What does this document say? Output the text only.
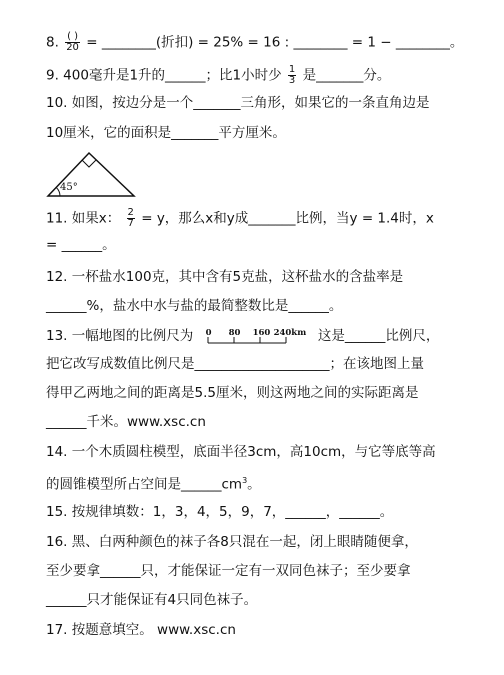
8. $\frac{( )}{20}$ = ________(折扣) = 25% = 16 : ________ = 1 − ________。
9. 400毫升是1升的______；比1小时少 $\frac{1}{3}$ 是_______分。
10. 如图，按边分是一个_______三角形，如果它的一条直角边是
10厘米，它的面积是_______平方厘米。
45°
11. 如果x： $\frac{2}{7} = y$，那么x和y成_______比例，当y = 1.4时，x
= ______。
12. 一杯盐水100克，其中含有5克盐，这杯盐水的含盐率是
______%，盐水中水与盐的最简整数比是______。
13. 一幅地图的比例尺为 0 80 160 240km 这是______比例尺，
把它改写成数值比例尺是____________________；在该地图上量
得甲乙两地之间的距离是5.5厘米，则这两地之间的实际距离是
______千米。www.xsc.cn
14. 一个木质圆柱模型，底面半径3cm，高10cm，与它等底等高
的圆锥模型所占空间是$\_\_\_\_\_\_cm^3$。
15. 按规律填数：1，3，4，5，9，7，______，______。
16. 黑、白两种颜色的袜子各8只混在一起，闭上眼睛随便拿，
至少要拿______只，才能保证一定有一双同色袜子；至少要拿
______只才能保证有4只同色袜子。
17. 按题意填空。 www.xsc.cn
